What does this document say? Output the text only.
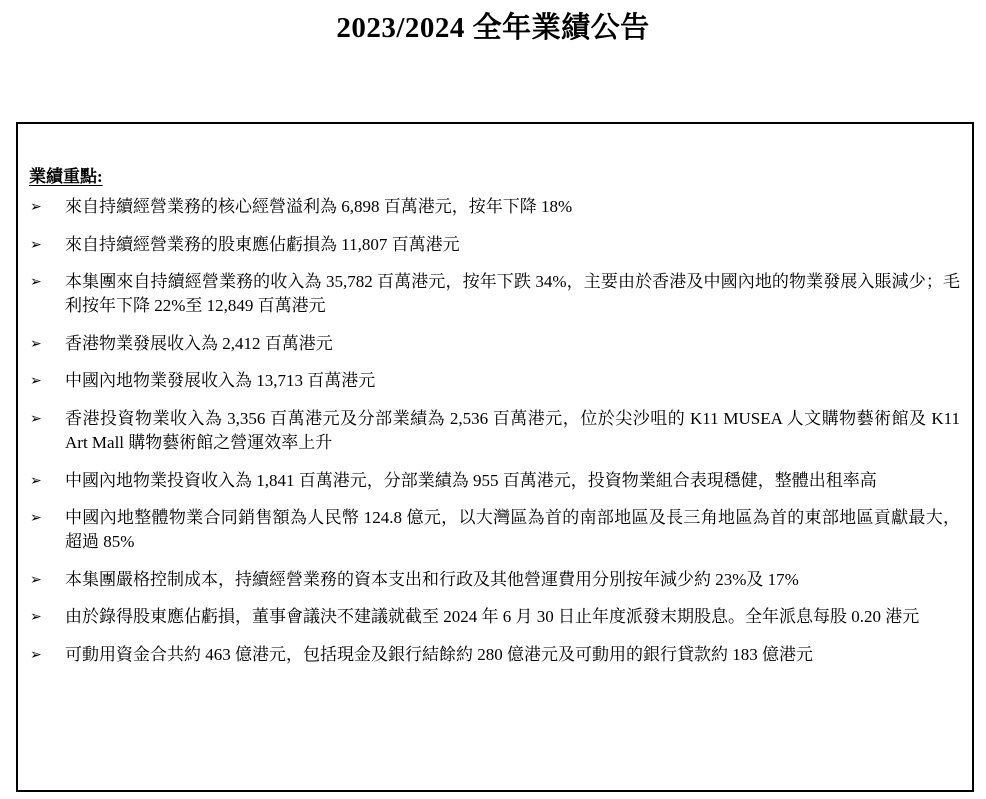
2023/2024 全年業績公告
業績重點:
➢ 來自持續經營業務的核心經營溢利為 6,898 百萬港元，按年下降 18%
➢ 來自持續經營業務的股東應佔虧損為 11,807 百萬港元
➢ 本集團來自持續經營業務的收入為 35,782 百萬港元，按年下跌 34%，主要由於香港及中國內地的物業發展入賬減少；毛利按年下降 22%至 12,849 百萬港元
➢ 香港物業發展收入為 2,412 百萬港元
➢ 中國內地物業發展收入為 13,713 百萬港元
➢ 香港投資物業收入為 3,356 百萬港元及分部業績為 2,536 百萬港元，位於尖沙咀的 K11 MUSEA 人文購物藝術館及 K11 Art Mall 購物藝術館之營運效率上升
➢ 中國內地物業投資收入為 1,841 百萬港元，分部業績為 955 百萬港元，投資物業組合表現穩健，整體出租率高
➢ 中國內地整體物業合同銷售額為人民幣 124.8 億元，以大灣區為首的南部地區及長三角地區為首的東部地區貢獻最大，超過 85%
➢ 本集團嚴格控制成本，持續經營業務的資本支出和行政及其他營運費用分別按年減少約 23%及 17%
➢ 由於錄得股東應佔虧損，董事會議決不建議就截至 2024 年 6 月 30 日止年度派發末期股息。全年派息每股 0.20 港元
➢ 可動用資金合共約 463 億港元，包括現金及銀行結餘約 280 億港元及可動用的銀行貸款約 183 億港元
